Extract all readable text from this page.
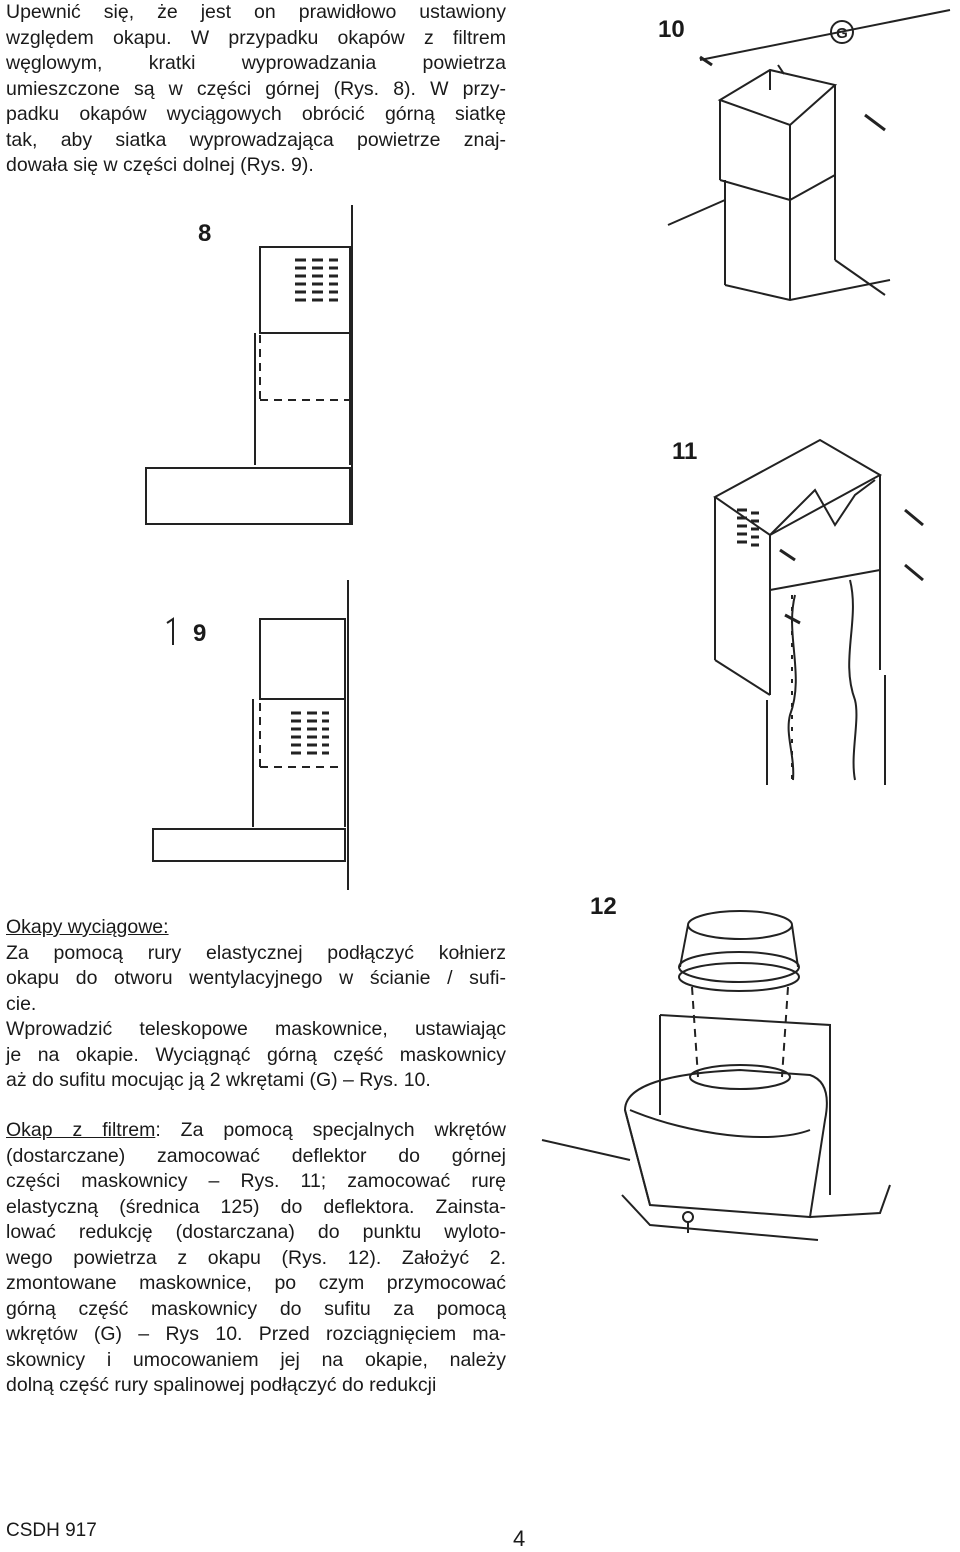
Upewnić się, że jest on prawidłowo ustawiony
względem okapu. W przypadku okapów z filtrem
węglowym, kratki wyprowadzania powietrza
umieszczone są w części górnej (Rys. 8). W przy-
padku okapów wyciągowych obrócić górną siatkę
tak, aby siatka wyprowadzająca powietrze znaj-
dowała się w części dolnej (Rys. 9).
8
9
10
11
12
G
Okapy wyciągowe:
Za pomocą rury elastycznej podłączyć kołnierz
okapu do otworu wentylacyjnego w ścianie / sufi-
cie.
Wprowadzić teleskopowe maskownice, ustawiając
je na okapie. Wyciągnąć górną część maskownicy
aż do sufitu mocując ją 2 wkrętami (G) – Rys. 10.
Okap z filtrem: Za pomocą specjalnych wkrętów
(dostarczane) zamocować deflektor do górnej
części maskownicy – Rys. 11; zamocować rurę
elastyczną (średnica 125) do deflektora. Zainsta-
lować redukcję (dostarczana) do punktu wyloto-
wego powietrza z okapu (Rys. 12). Założyć 2.
zmontowane maskownice, po czym przymocować
górną część maskownicy do sufitu za pomocą
wkrętów (G) – Rys 10. Przed rozciągnięciem ma-
skownicy i umocowaniem jej na okapie, należy
dolną część rury spalinowej podłączyć do redukcji
CSDH 917	4
